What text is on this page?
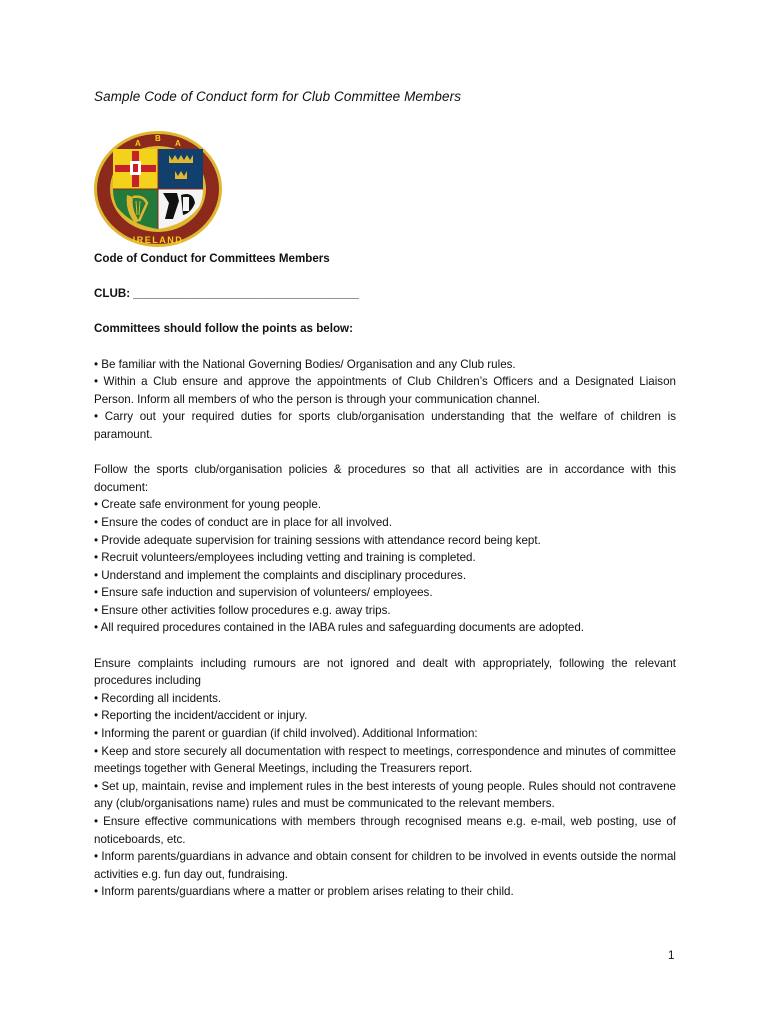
Sample Code of Conduct form for Club Committee Members
A
B
A
IRELAND

Code of Conduct for Committees Members

CLUB: ___________________________________

Committees should follow the points as below:

• Be familiar with the National Governing Bodies/ Organisation and any Club rules.

• Within a Club ensure and approve the appointments of Club Children’s Officers and a Designated Liaison Person. Inform all members of who the person is through your communication channel.

• Carry out your required duties for sports club/organisation understanding that the welfare of children is paramount.

Follow the sports club/organisation policies & procedures so that all activities are in accordance with this document:

• Create safe environment for young people.

• Ensure the codes of conduct are in place for all involved.

• Provide adequate supervision for training sessions with attendance record being kept.

• Recruit volunteers/employees including vetting and training is completed.

• Understand and implement the complaints and disciplinary procedures.

• Ensure safe induction and supervision of volunteers/ employees.

• Ensure other activities follow procedures e.g. away trips.

• All required procedures contained in the IABA rules and safeguarding documents are adopted.

Ensure complaints including rumours are not ignored and dealt with appropriately, following the relevant procedures including

• Recording all incidents.

• Reporting the incident/accident or injury.

• Informing the parent or guardian (if child involved). Additional Information:

• Keep and store securely all documentation with respect to meetings, correspondence and minutes of committee meetings together with General Meetings, including the Treasurers report.

• Set up, maintain, revise and implement rules in the best interests of young people. Rules should not contravene any (club/organisations name) rules and must be communicated to the relevant members.

• Ensure effective communications with members through recognised means e.g. e-mail, web posting, use of noticeboards, etc.

• Inform parents/guardians in advance and obtain consent for children to be involved in events outside the normal activities e.g. fun day out, fundraising.

• Inform parents/guardians where a matter or problem arises relating to their child.

1
